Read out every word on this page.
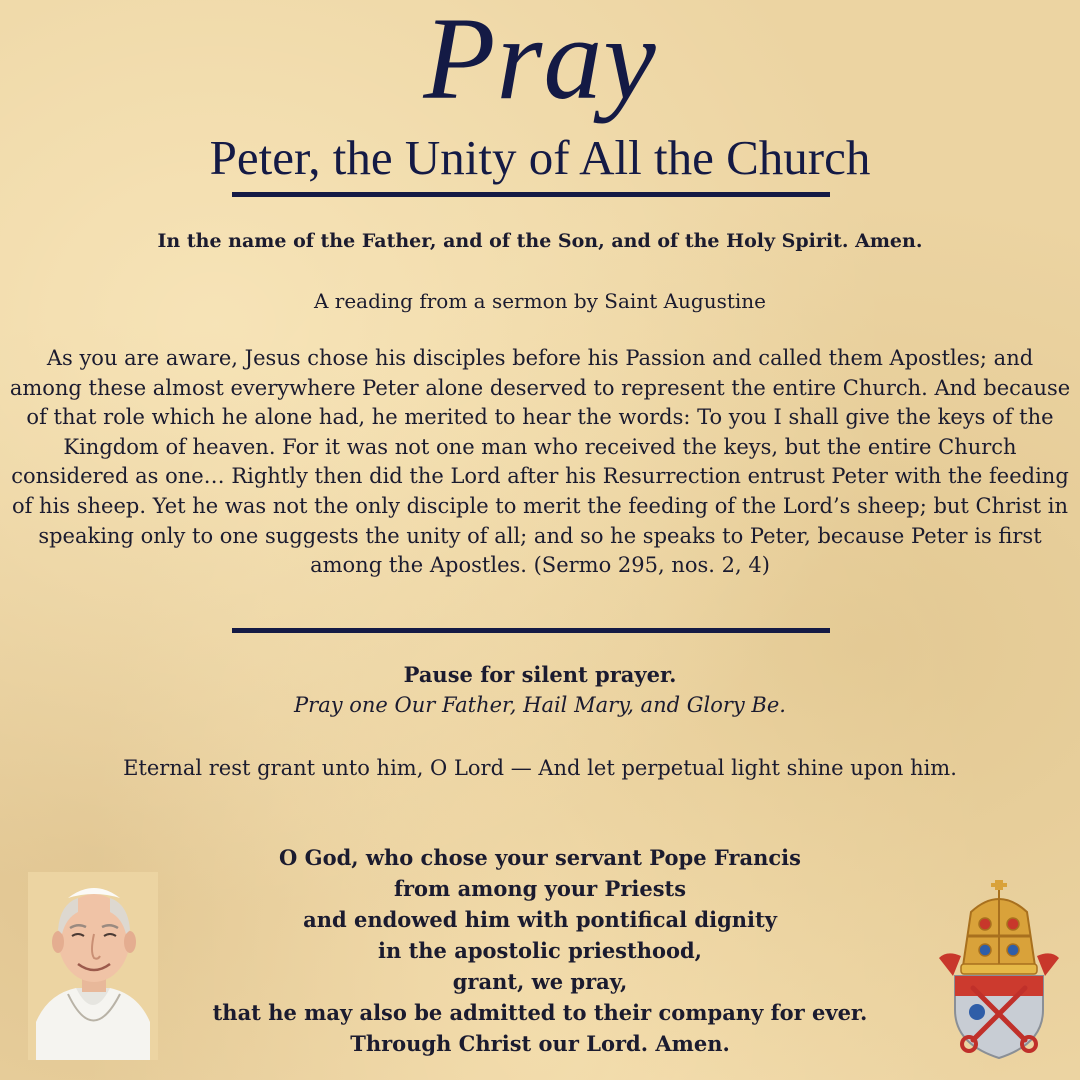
Pray
Peter, the Unity of All the Church
In the name of the Father, and of the Son, and of the Holy Spirit. Amen.
A reading from a sermon by Saint Augustine
As you are aware, Jesus chose his disciples before his Passion and called them Apostles; and among these almost everywhere Peter alone deserved to represent the entire Church. And because of that role which he alone had, he merited to hear the words: To you I shall give the keys of the Kingdom of heaven. For it was not one man who received the keys, but the entire Church considered as one… Rightly then did the Lord after his Resurrection entrust Peter with the feeding of his sheep. Yet he was not the only disciple to merit the feeding of the Lord’s sheep; but Christ in speaking only to one suggests the unity of all; and so he speaks to Peter, because Peter is first among the Apostles. (Sermo 295, nos. 2, 4)
Pause for silent prayer.
Pray one Our Father, Hail Mary, and Glory Be.
Eternal rest grant unto him, O Lord — And let perpetual light shine upon him.
O God, who chose your servant Pope Francis
from among your Priests
and endowed him with pontifical dignity
in the apostolic priesthood,
grant, we pray,
that he may also be admitted to their company for ever.
Through Christ our Lord. Amen.
